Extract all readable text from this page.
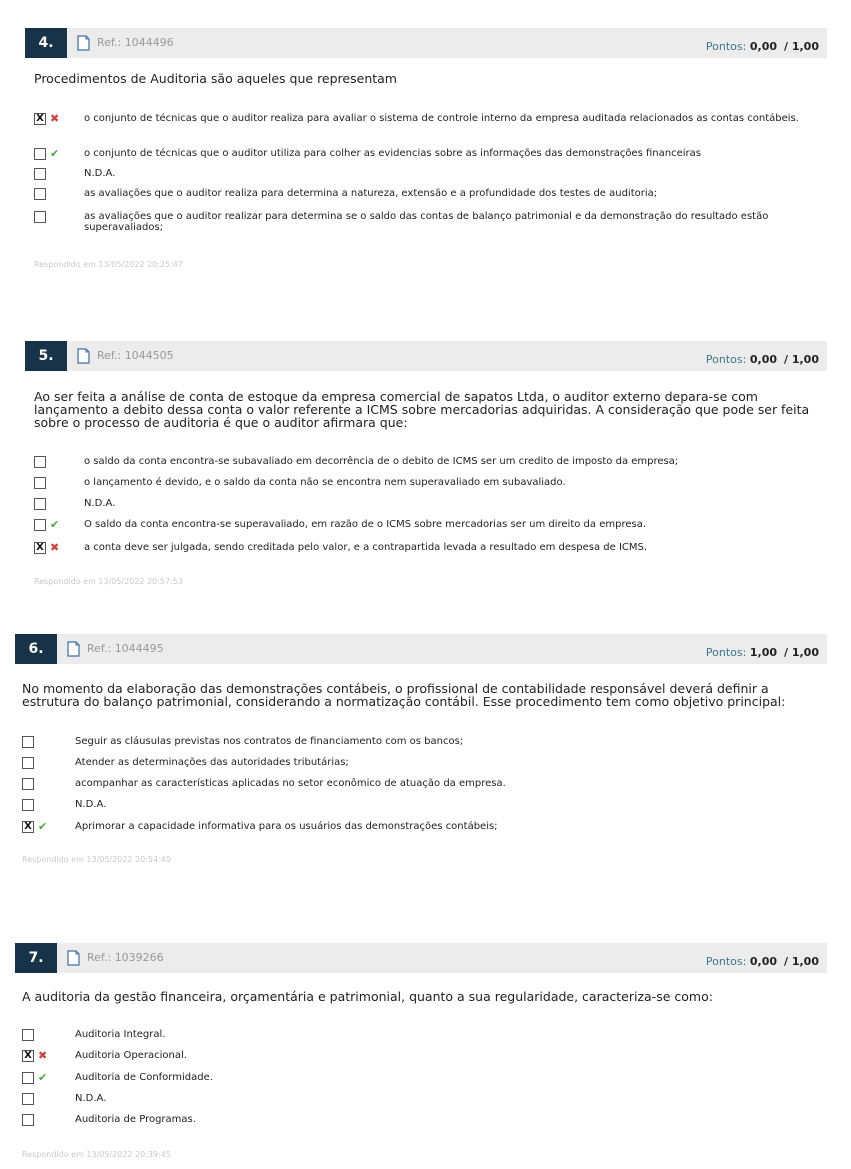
4.	Ref.: 1044496	Pontos: 0,00 / 1,00
Procedimentos de Auditoria são aqueles que representam
X ✖ o conjunto de técnicas que o auditor realiza para avaliar o sistema de controle interno da empresa auditada relacionados as contas contábeis.
✔ o conjunto de técnicas que o auditor utiliza para colher as evidencias sobre as informações das demonstrações financeiras
N.D.A.
as avaliações que o auditor realiza para determina a natureza, extensão e a profundidade dos testes de auditoria;
as avaliações que o auditor realizar para determina se o saldo das contas de balanço patrimonial e da demonstração do resultado estão superavaliados;
Respondido em 13/05/2022 20:25:47
5.	Ref.: 1044505	Pontos: 0,00 / 1,00
Ao ser feita a análise de conta de estoque da empresa comercial de sapatos Ltda, o auditor externo depara-se com lançamento a debito dessa conta o valor referente a ICMS sobre mercadorias adquiridas. A consideração que pode ser feita sobre o processo de auditoria é que o auditor afirmara que:
o saldo da conta encontra-se subavaliado em decorrência de o debito de ICMS ser um credito de imposto da empresa;
o lançamento é devido, e o saldo da conta não se encontra nem superavaliado em subavaliado.
N.D.A.
✔ O saldo da conta encontra-se superavaliado, em razão de o ICMS sobre mercadorias ser um direito da empresa.
X ✖ a conta deve ser julgada, sendo creditada pelo valor, e a contrapartida levada a resultado em despesa de ICMS.
Respondido em 13/05/2022 20:57:53
6.	Ref.: 1044495	Pontos: 1,00 / 1,00
No momento da elaboração das demonstrações contábeis, o profissional de contabilidade responsável deverá definir a estrutura do balanço patrimonial, considerando a normatização contábil. Esse procedimento tem como objetivo principal:
Seguir as cláusulas previstas nos contratos de financiamento com os bancos;
Atender as determinações das autoridades tributárias;
acompanhar as características aplicadas no setor econômico de atuação da empresa.
N.D.A.
X ✔	Aprimorar a capacidade informativa para os usuários das demonstrações contábeis;
Respondido em 13/05/2022 20:54:49
7.	Ref.: 1039266	Pontos: 0,00 / 1,00
A auditoria da gestão financeira, orçamentária e patrimonial, quanto a sua regularidade, caracteriza-se como:
Auditoria Integral.
X ✖	Auditoria Operacional.
✔	Auditoria de Conformidade.
N.D.A.
Auditoria de Programas.
Respondido em 13/05/2022 20:39:45
